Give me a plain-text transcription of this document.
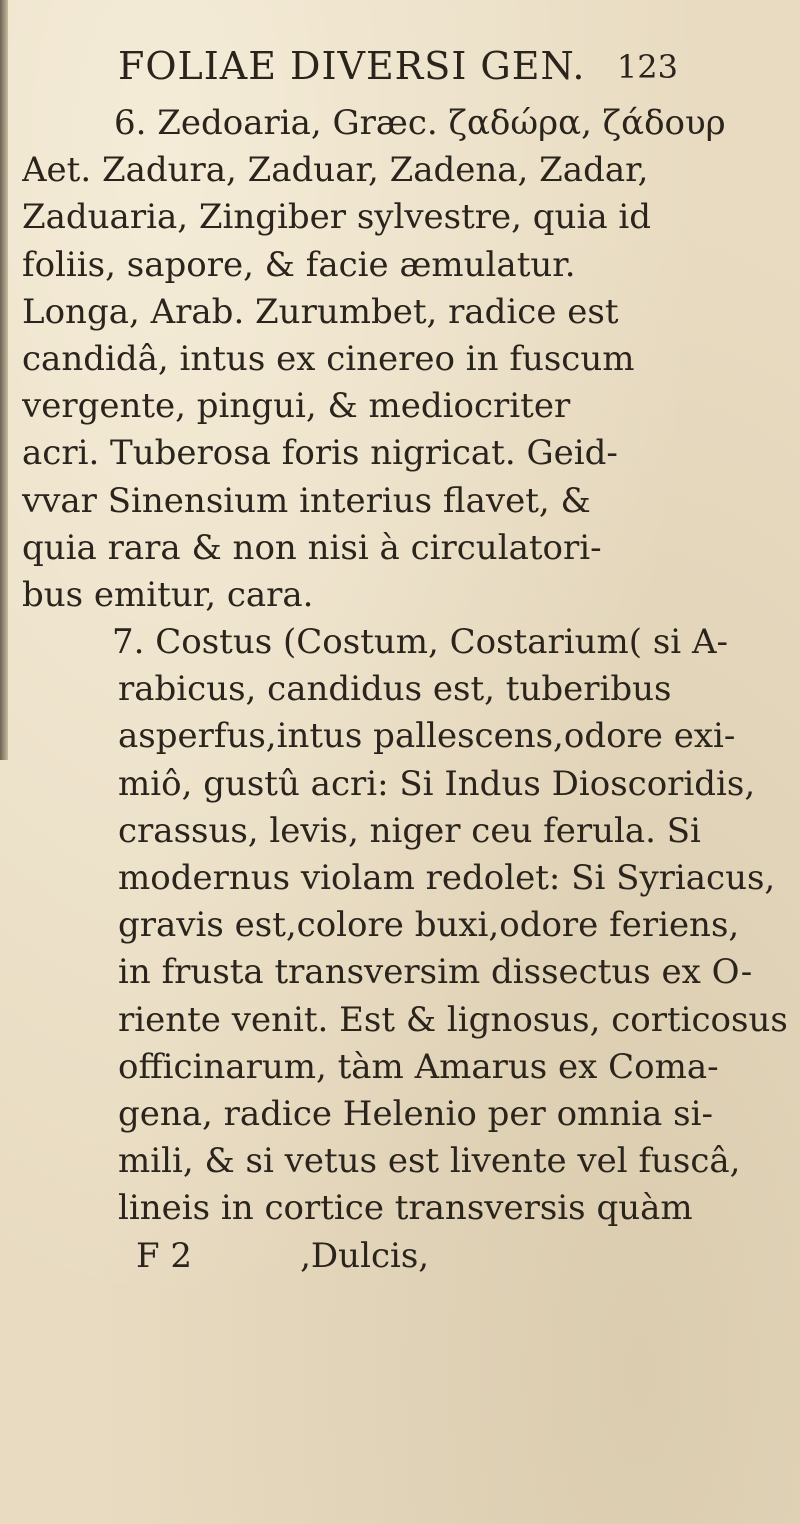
FOLIAE DIVERSI GEN. 123
6. Zedoaria, Græc. ζαδώρα, ζάδουρ
Aet. Zadura, Zaduar, Zadena, Zadar,
Zaduaria, Zingiber sylvestre, quia id
foliis, sapore, & facie æmulatur.
Longa, Arab. Zurumbet, radice est
candidâ, intus ex cinereo in fuscum
vergente, pingui, & mediocriter
acri. Tuberosa foris nigricat. Geid-
vvar Sinensium interius flavet, &
quia rara & non nisi à circulatori-
bus emitur, cara.
7. Costus (Costum, Costarium( si A-
rabicus, candidus est, tuberibus
asperfus,intus pallescens,odore exi-
miô, gustû acri: Si Indus Dioscoridis,
crassus, levis, niger ceu ferula. Si
modernus violam redolet: Si Syriacus,
gravis est,colore buxi,odore feriens,
in frusta transversim dissectus ex O-
riente venit. Est & lignosus, corticosus
officinarum, tàm Amarus ex Coma-
gena, radice Helenio per omnia si-
mili, & si vetus est livente vel fuscâ,
lineis in cortice transversis quàm
F 2          ,Dulcis,
